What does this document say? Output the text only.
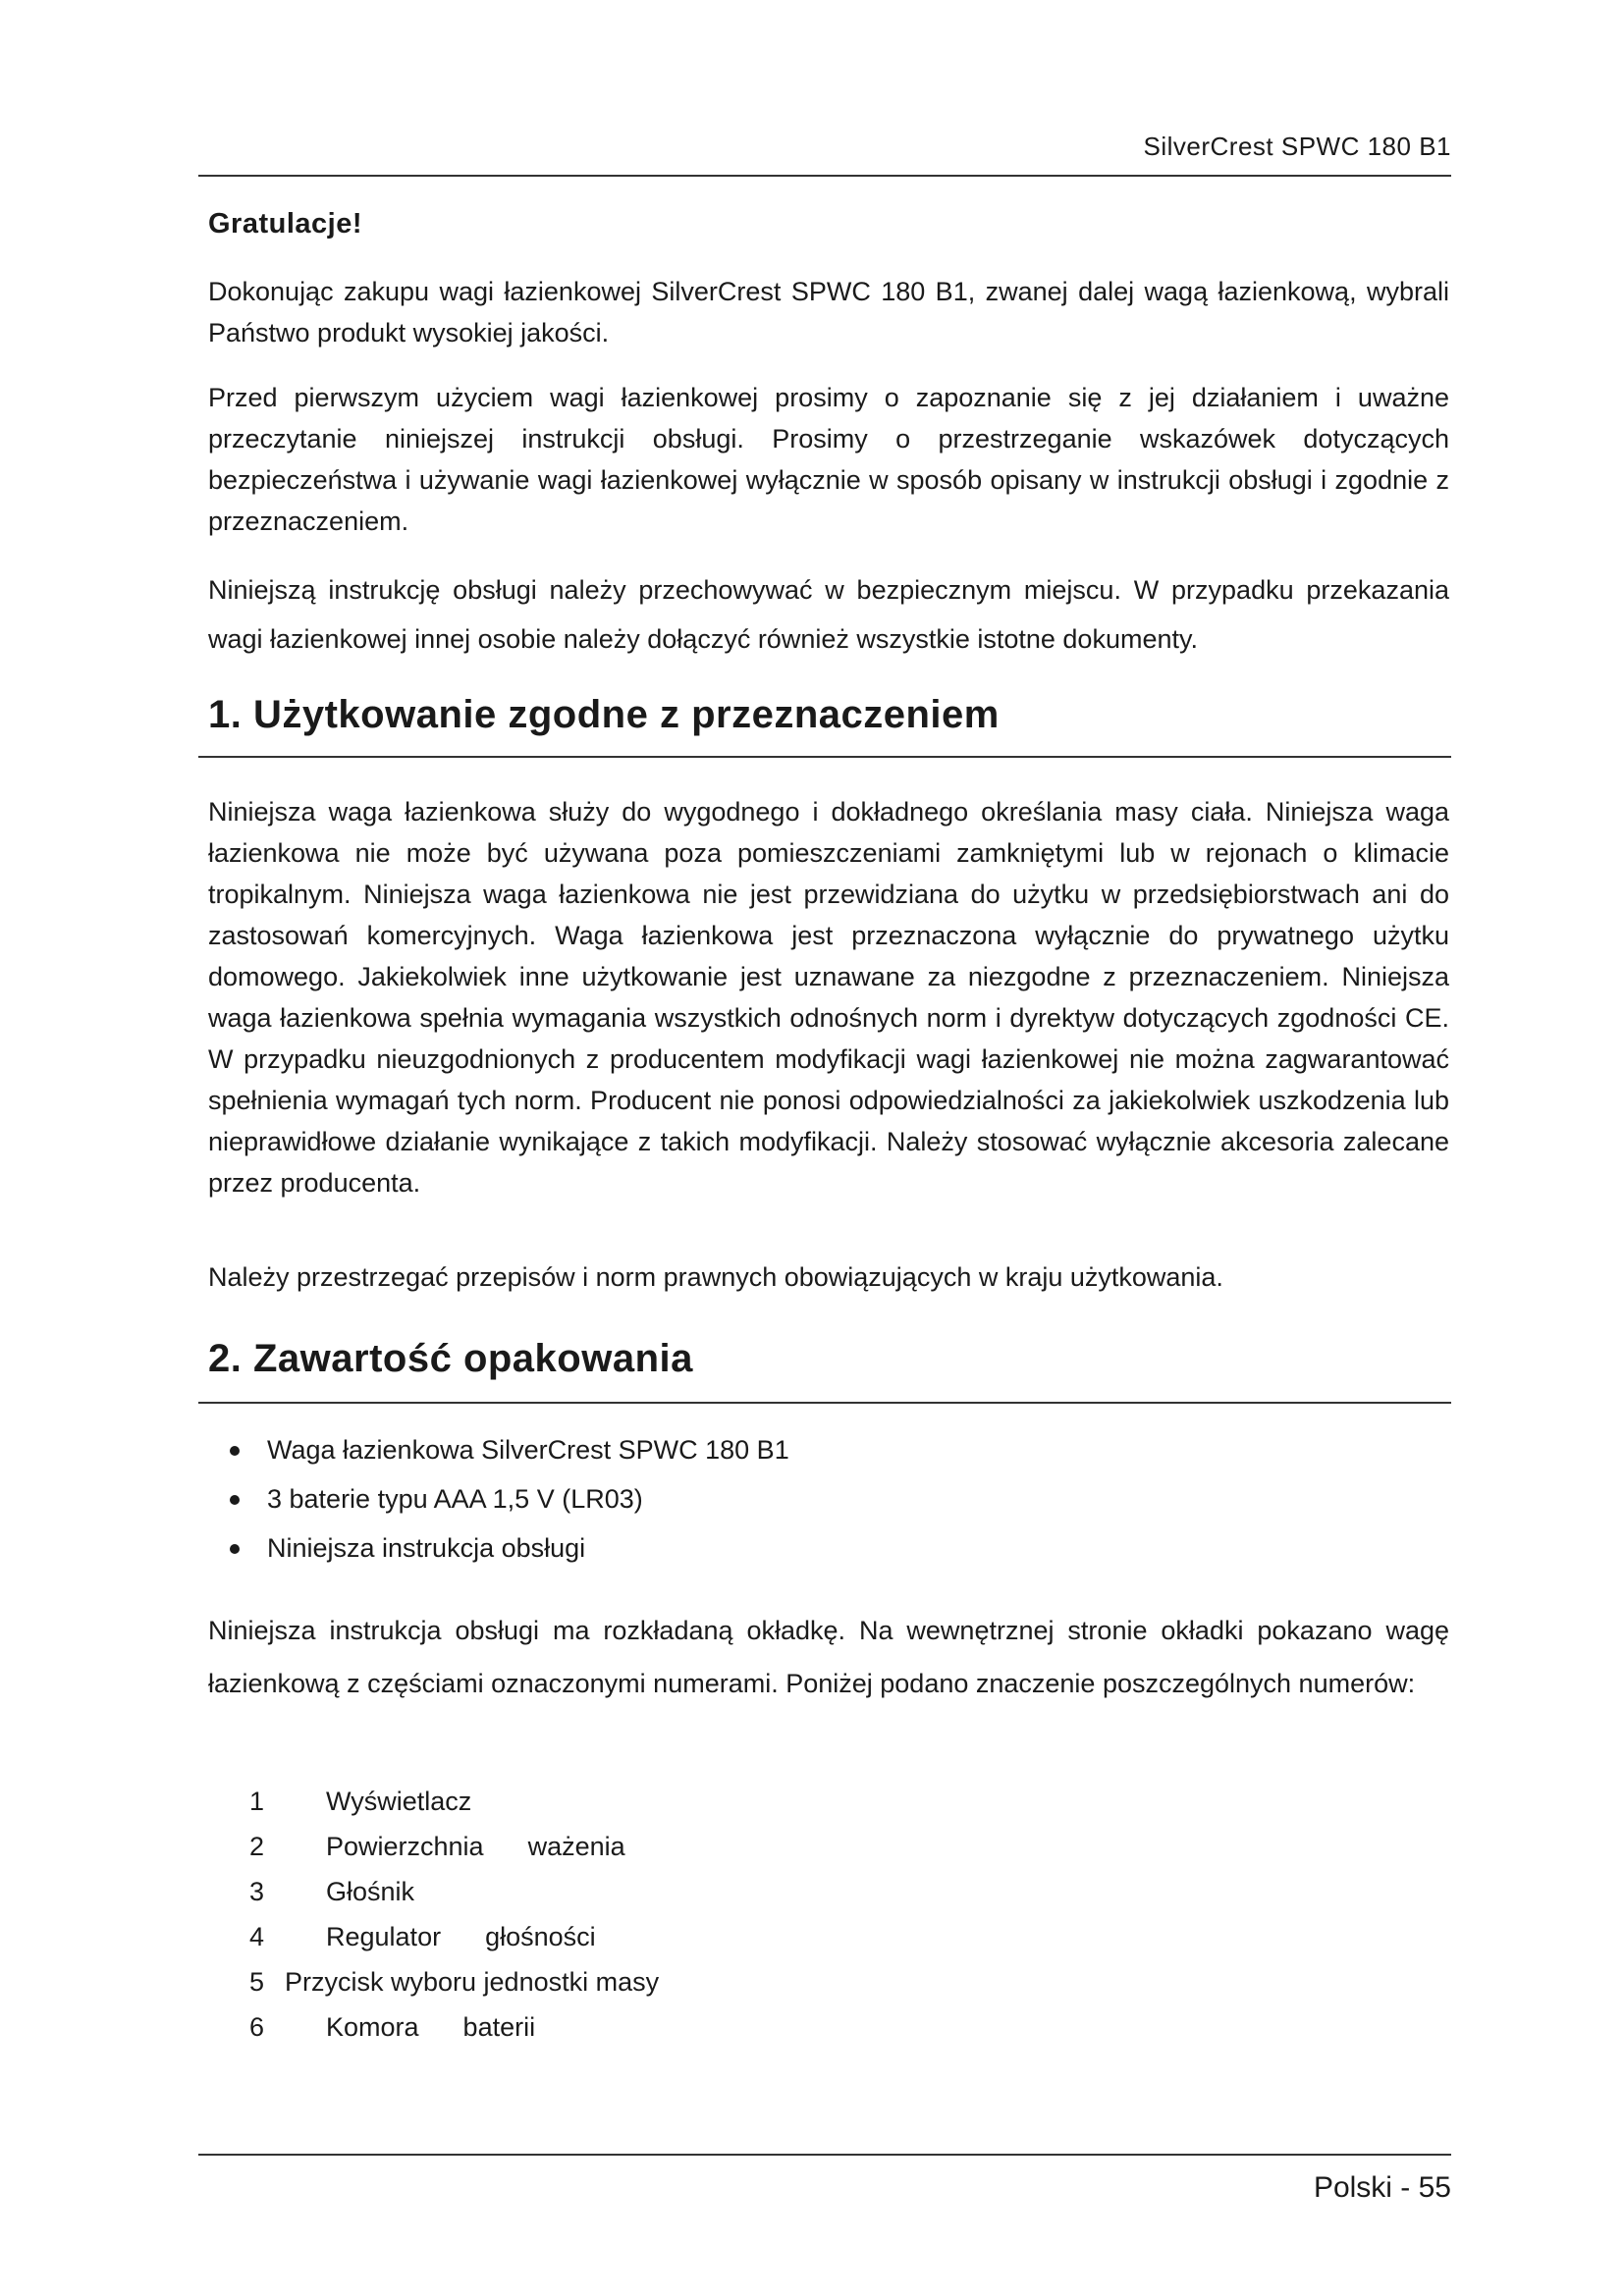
SilverCrest SPWC 180 B1
Gratulacje!
Dokonując zakupu wagi łazienkowej SilverCrest SPWC 180 B1, zwanej dalej wagą łazienkową, wybrali Państwo produkt wysokiej jakości.
Przed pierwszym użyciem wagi łazienkowej prosimy o zapoznanie się z jej działaniem i uważne przeczytanie niniejszej instrukcji obsługi. Prosimy o przestrzeganie wskazówek dotyczących bezpieczeństwa i używanie wagi łazienkowej wyłącznie w sposób opisany w instrukcji obsługi i zgodnie z przeznaczeniem.
Niniejszą instrukcję obsługi należy przechowywać w bezpiecznym miejscu. W przypadku przekazania wagi łazienkowej innej osobie należy dołączyć również wszystkie istotne dokumenty.
1. Użytkowanie zgodne z przeznaczeniem
Niniejsza waga łazienkowa służy do wygodnego i dokładnego określania masy ciała. Niniejsza waga łazienkowa nie może być używana poza pomieszczeniami zamkniętymi lub w rejonach o klimacie tropikalnym. Niniejsza waga łazienkowa nie jest przewidziana do użytku w przedsiębiorstwach ani do zastosowań komercyjnych. Waga łazienkowa jest przeznaczona wyłącznie do prywatnego użytku domowego. Jakiekolwiek inne użytkowanie jest uznawane za niezgodne z przeznaczeniem. Niniejsza waga łazienkowa spełnia wymagania wszystkich odnośnych norm i dyrektyw dotyczących zgodności CE. W przypadku nieuzgodnionych z producentem modyfikacji wagi łazienkowej nie można zagwarantować spełnienia wymagań tych norm. Producent nie ponosi odpowiedzialności za jakiekolwiek uszkodzenia lub nieprawidłowe działanie wynikające z takich modyfikacji. Należy stosować wyłącznie akcesoria zalecane przez producenta.
Należy przestrzegać przepisów i norm prawnych obowiązujących w kraju użytkowania.
2. Zawartość opakowania
Waga łazienkowa SilverCrest SPWC 180 B1
3 baterie typu AAA 1,5 V (LR03)
Niniejsza instrukcja obsługi
Niniejsza instrukcja obsługi ma rozkładaną okładkę. Na wewnętrznej stronie okładki pokazano wagę łazienkową z częściami oznaczonymi numerami. Poniżej podano znaczenie poszczególnych numerów:
1	Wyświetlacz
2	Powierzchnia      ważenia
3	Głośnik
4	Regulator      głośności
5 Przycisk wyboru jednostki masy
6	Komora      baterii
Polski - 55
